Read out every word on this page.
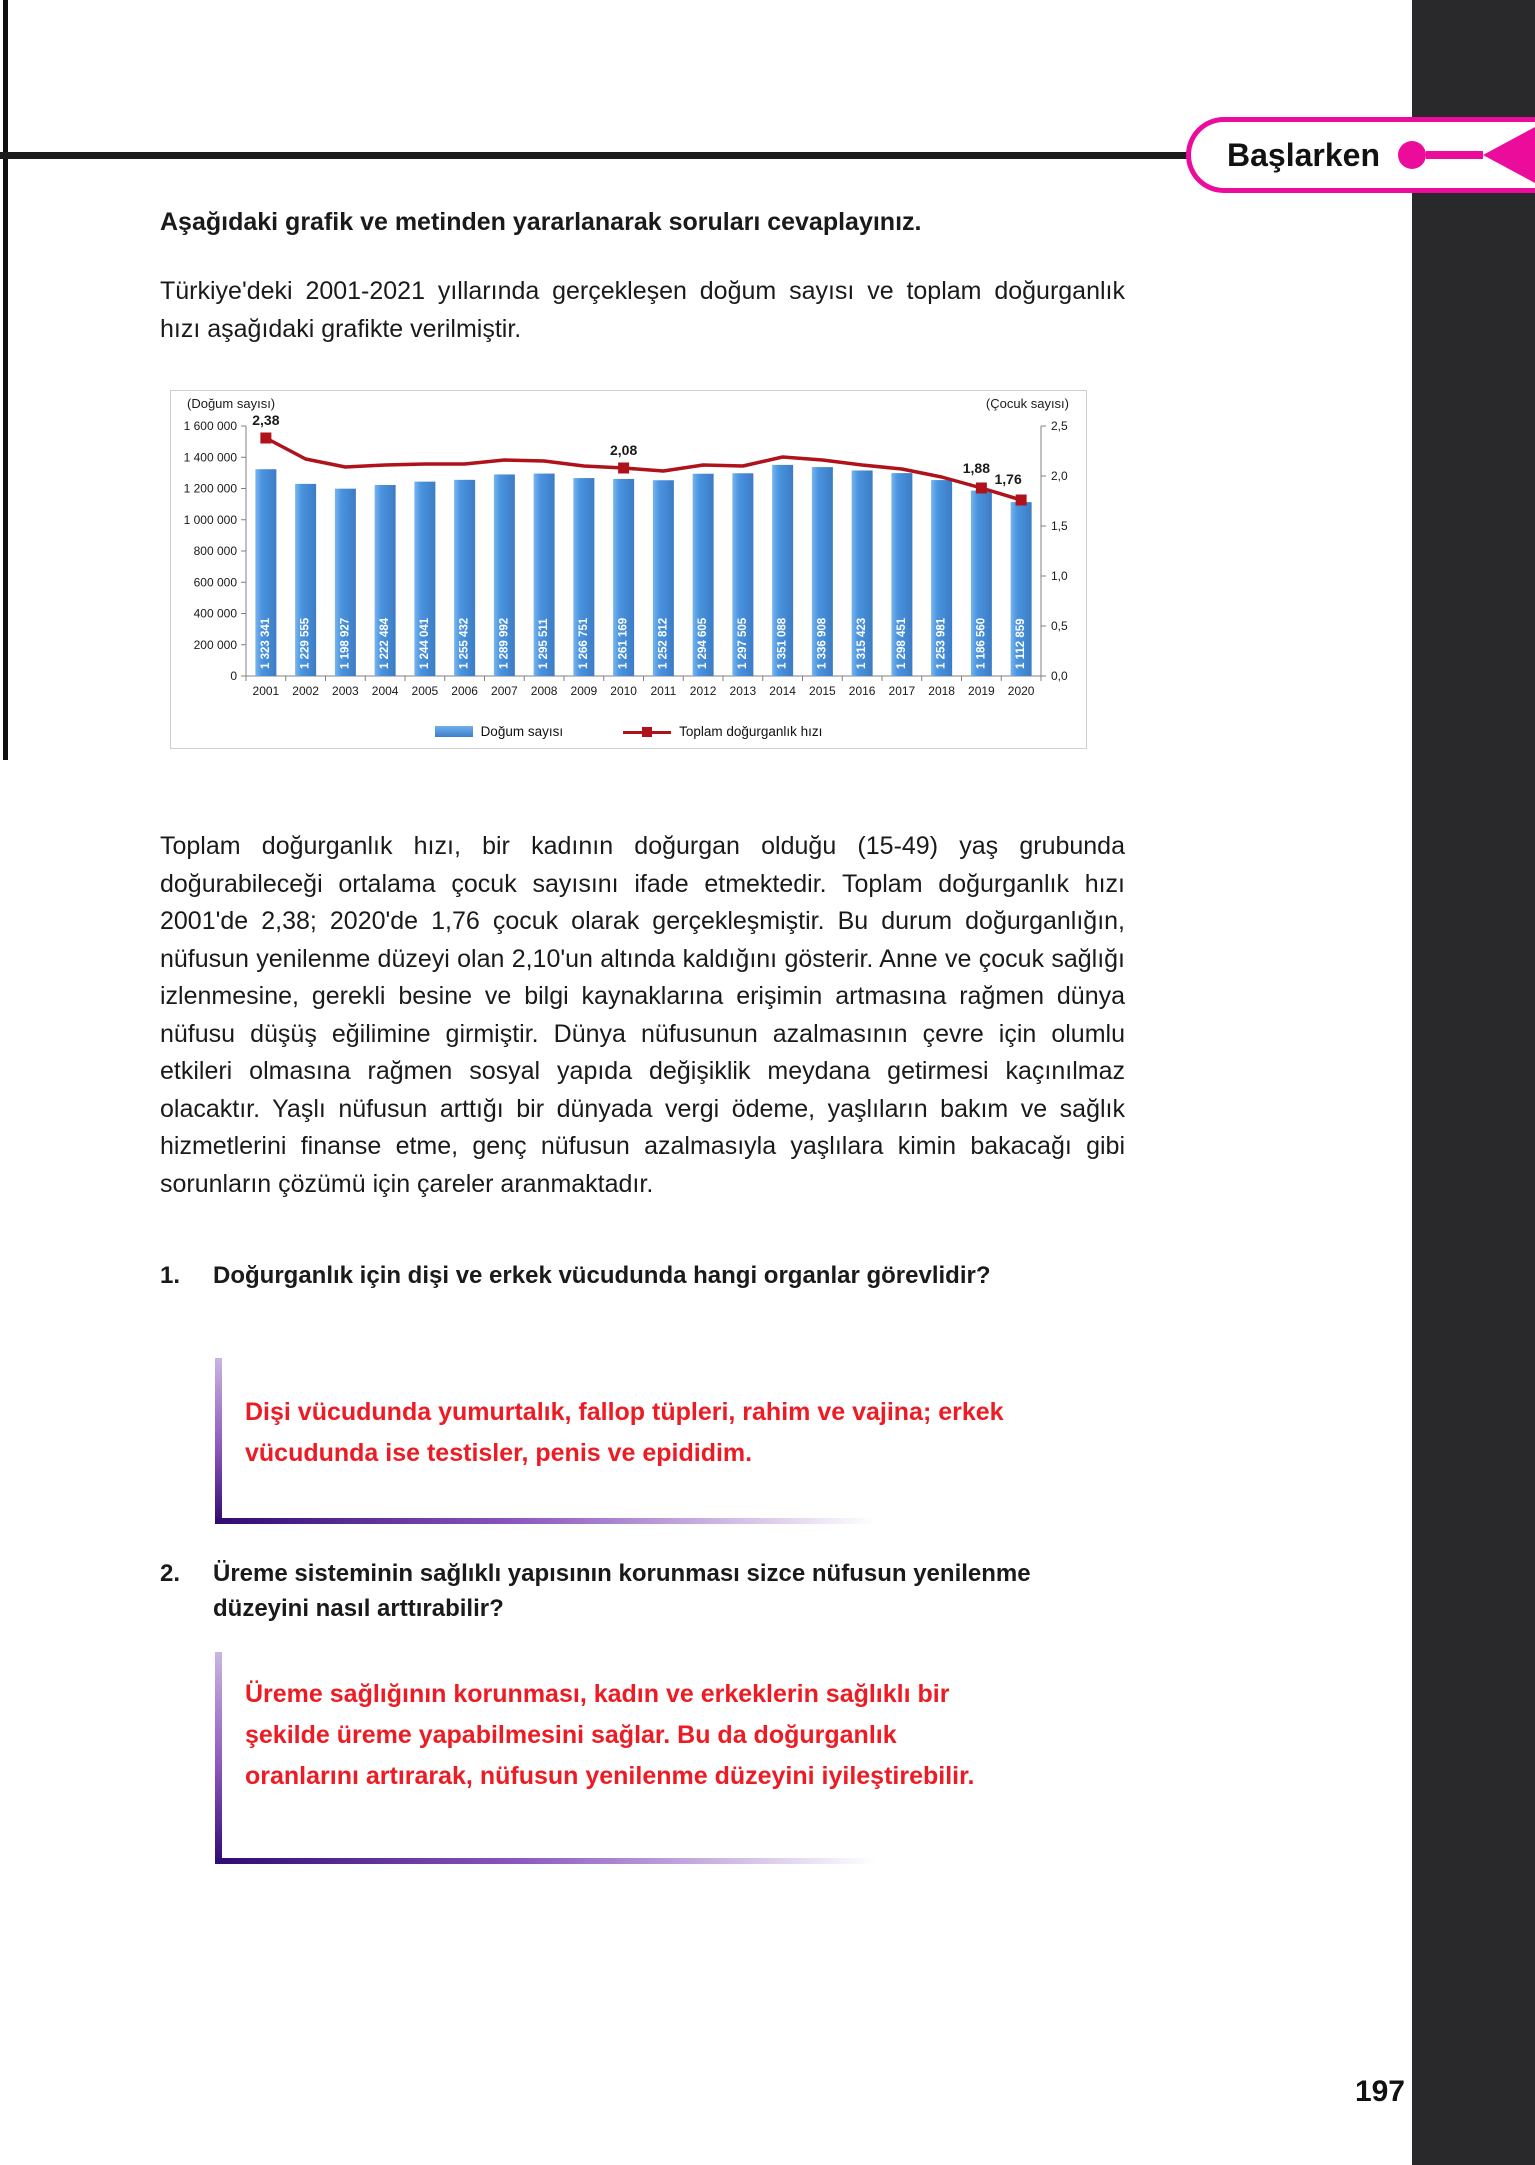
Başlarken
Aşağıdaki grafik ve metinden yararlanarak soruları cevaplayınız.
Türkiye'deki 2001-2021 yıllarında gerçekleşen doğum sayısı ve toplam doğurganlık hızı aşağıdaki grafikte verilmiştir.
(Doğum sayısı)	(Çocuk sayısı)
1 600 000
1 400 000
1 200 000
1 000 000
800 000
600 000
400 000
200 000
0
2,5
2,0
1,5
1,0
0,5
0,0
1 323 341
2001
1 229 555
2002
1 198 927
2003
1 222 484
2004
1 244 041
2005
1 255 432
2006
1 289 992
2007
1 295 511
2008
1 266 751
2009
1 261 169
2010
1 252 812
2011
1 294 605
2012
1 297 505
2013
1 351 088
2014
1 336 908
2015
1 315 423
2016
1 298 451
2017
1 253 981
2018
1 186 560
2019
1 112 859
2020
2,38
2,08
1,88
1,76
Doğum sayısı	Toplam doğurganlık hızı
Toplam doğurganlık hızı, bir kadının doğurgan olduğu (15-49) yaş grubunda doğurabileceği ortalama çocuk sayısını ifade etmektedir. Toplam doğurganlık hızı 2001'de 2,38; 2020'de 1,76 çocuk olarak gerçekleşmiştir. Bu durum doğurganlığın, nüfusun yenilenme düzeyi olan 2,10'un altında kaldığını gösterir. Anne ve çocuk sağlığı izlenmesine, gerekli besine ve bilgi kaynaklarına erişimin artmasına rağmen dünya nüfusu düşüş eğilimine girmiştir. Dünya nüfusunun azalmasının çevre için olumlu etkileri olmasına rağmen sosyal yapıda değişiklik meydana getirmesi kaçınılmaz olacaktır. Yaşlı nüfusun arttığı bir dünyada vergi ödeme, yaşlıların bakım ve sağlık hizmetlerini finanse etme, genç nüfusun azalmasıyla yaşlılara kimin bakacağı gibi sorunların çözümü için çareler aranmaktadır.
1.	Doğurganlık için dişi ve erkek vücudunda hangi organlar görevlidir?
Dişi vücudunda yumurtalık, fallop tüpleri, rahim ve vajina; erkek vücudunda ise testisler, penis ve epididim.
2.	Üreme sisteminin sağlıklı yapısının korunması sizce nüfusun yenilenme düzeyini nasıl arttırabilir?
Üreme sağlığının korunması, kadın ve erkeklerin sağlıklı bir şekilde üreme yapabilmesini sağlar. Bu da doğurganlık oranlarını artırarak, nüfusun yenilenme düzeyini iyileştirebilir.
197
